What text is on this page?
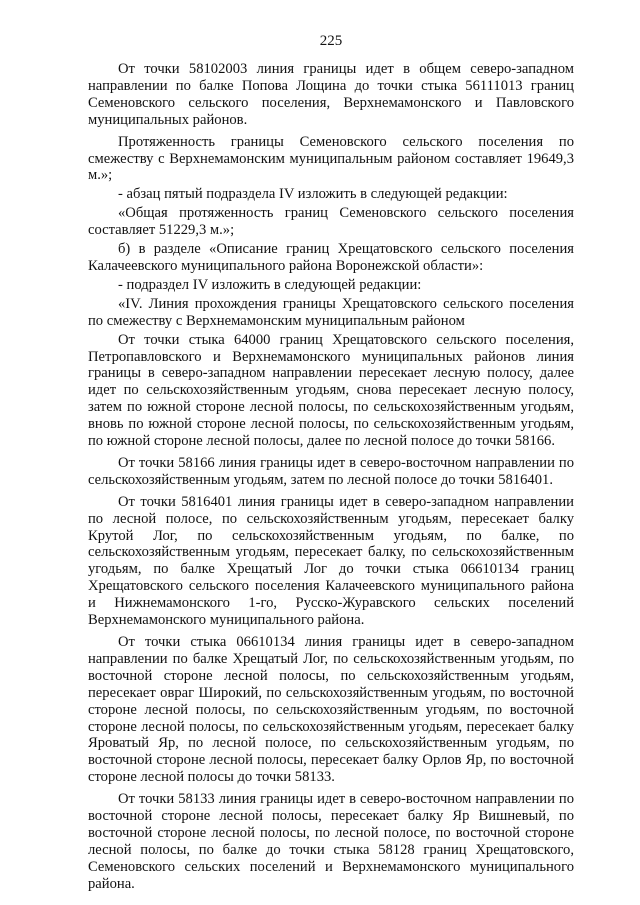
225

От точки 58102003 линия границы идет в общем северо-западном направлении по балке Попова Лощина до точки стыка 56111013 границ Семеновского сельского поселения, Верхнемамонского и Павловского муниципальных районов.

Протяженность границы Семеновского сельского поселения по смежеству с Верхнемамонским муниципальным районом составляет 19649,3 м.»;

- абзац пятый подраздела IV изложить в следующей редакции:

«Общая протяженность границ Семеновского сельского поселения составляет 51229,3 м.»;

б) в разделе «Описание границ Хрещатовского сельского поселения Калачеевского муниципального района Воронежской области»:

- подраздел IV изложить в следующей редакции:

«IV. Линия прохождения границы Хрещатовского сельского поселения по смежеству с Верхнемамонским муниципальным районом

От точки стыка 64000 границ Хрещатовского сельского поселения, Петропавловского и Верхнемамонского муниципальных районов линия границы в северо-западном направлении пересекает лесную полосу, далее идет по сельскохозяйственным угодьям, снова пересекает лесную полосу, затем по южной стороне лесной полосы, по сельскохозяйственным угодьям, вновь по южной стороне лесной полосы, по сельскохозяйственным угодьям, по южной стороне лесной полосы, далее по лесной полосе до точки 58166.

От точки 58166 линия границы идет в северо-восточном направлении по сельскохозяйственным угодьям, затем по лесной полосе до точки 5816401.

От точки 5816401 линия границы идет в северо-западном направлении по лесной полосе, по сельскохозяйственным угодьям, пересекает балку Крутой Лог, по сельскохозяйственным угодьям, по балке, по сельскохозяйственным угодьям, пересекает балку, по сельскохозяйственным угодьям, по балке Хрещатый Лог до точки стыка 06610134 границ Хрещатовского сельского поселения Калачеевского муниципального района и Нижнемамонского 1-го, Русско-Журавского сельских поселений Верхнемамонского муниципального района.

От точки стыка 06610134 линия границы идет в северо-западном направлении по балке Хрещатый Лог, по сельскохозяйственным угодьям, по восточной стороне лесной полосы, по сельскохозяйственным угодьям, пересекает овраг Широкий, по сельскохозяйственным угодьям, по восточной стороне лесной полосы, по сельскохозяйственным угодьям, по восточной стороне лесной полосы, по сельскохозяйственным угодьям, пересекает балку Яроватый Яр, по лесной полосе, по сельскохозяйственным угодьям, по восточной стороне лесной полосы, пересекает балку Орлов Яр, по восточной стороне лесной полосы до точки 58133.

От точки 58133 линия границы идет в северо-восточном направлении по восточной стороне лесной полосы, пересекает балку Яр Вишневый, по восточной стороне лесной полосы, по лесной полосе, по восточной стороне лесной полосы, по балке до точки стыка 58128 границ Хрещатовского, Семеновского сельских поселений и Верхнемамонского муниципального района.
